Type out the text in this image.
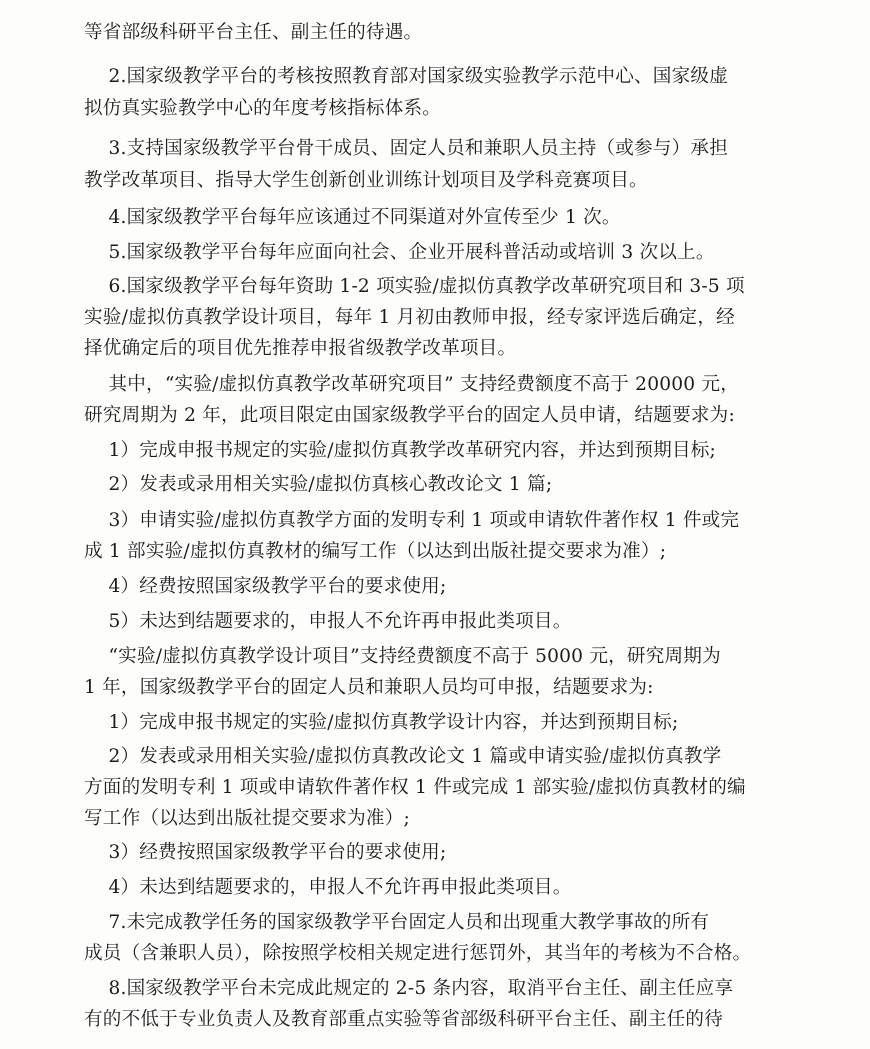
等省部级科研平台主任、副主任的待遇。
2.国家级教学平台的考核按照教育部对国家级实验教学示范中心、国家级虚
拟仿真实验教学中心的年度考核指标体系。
3.支持国家级教学平台骨干成员、固定人员和兼职人员主持（或参与）承担
教学改革项目、指导大学生创新创业训练计划项目及学科竞赛项目。
4.国家级教学平台每年应该通过不同渠道对外宣传至少 1 次。
5.国家级教学平台每年应面向社会、企业开展科普活动或培训 3 次以上。
6.国家级教学平台每年资助 1-2 项实验/虚拟仿真教学改革研究项目和 3-5 项
实验/虚拟仿真教学设计项目，每年 1 月初由教师申报，经专家评选后确定，经
择优确定后的项目优先推荐申报省级教学改革项目。
其中，“实验/虚拟仿真教学改革研究项目” 支持经费额度不高于 20000 元，
研究周期为 2 年，此项目限定由国家级教学平台的固定人员申请，结题要求为:
1）完成申报书规定的实验/虚拟仿真教学改革研究内容，并达到预期目标;
2）发表或录用相关实验/虚拟仿真核心教改论文 1 篇;
3）申请实验/虚拟仿真教学方面的发明专利 1 项或申请软件著作权 1 件或完
成 1 部实验/虚拟仿真教材的编写工作（以达到出版社提交要求为准）;
4）经费按照国家级教学平台的要求使用;
5）未达到结题要求的，申报人不允许再申报此类项目。
“实验/虚拟仿真教学设计项目”支持经费额度不高于 5000 元，研究周期为
1 年，国家级教学平台的固定人员和兼职人员均可申报，结题要求为:
1）完成申报书规定的实验/虚拟仿真教学设计内容，并达到预期目标;
2）发表或录用相关实验/虚拟仿真教改论文 1 篇或申请实验/虚拟仿真教学
方面的发明专利 1 项或申请软件著作权 1 件或完成 1 部实验/虚拟仿真教材的编
写工作（以达到出版社提交要求为准）;
3）经费按照国家级教学平台的要求使用;
4）未达到结题要求的，申报人不允许再申报此类项目。
7.未完成教学任务的国家级教学平台固定人员和出现重大教学事故的所有
成员（含兼职人员），除按照学校相关规定进行惩罚外，其当年的考核为不合格。
8.国家级教学平台未完成此规定的 2-5 条内容，取消平台主任、副主任应享
有的不低于专业负责人及教育部重点实验等省部级科研平台主任、副主任的待
